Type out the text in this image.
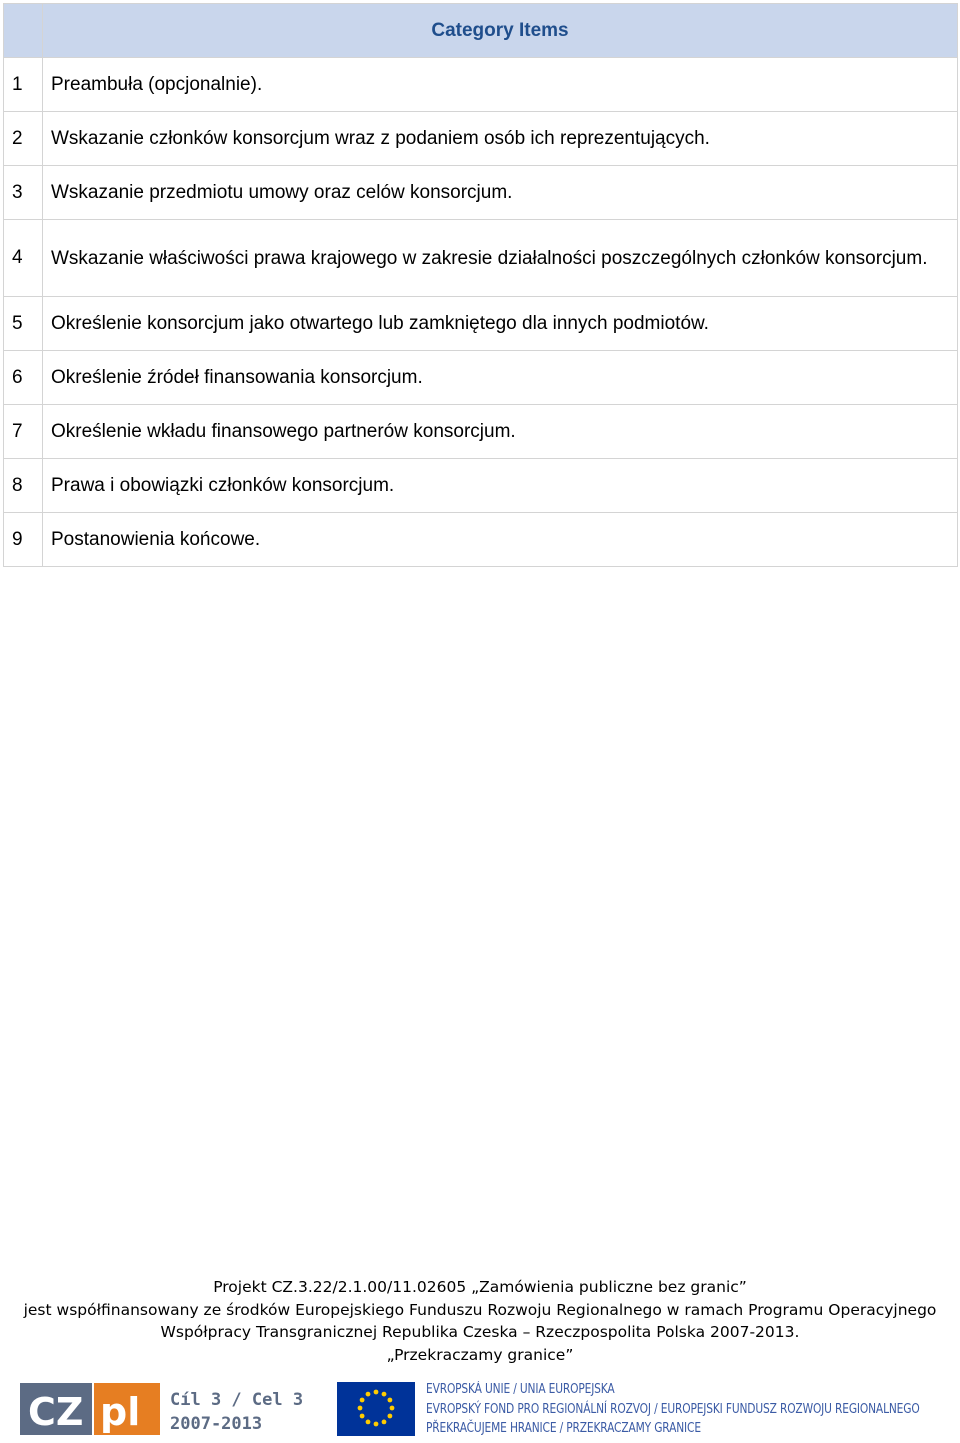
	Category Items
1	Preambuła (opcjonalnie).
2	Wskazanie członków konsorcjum wraz z podaniem osób ich reprezentujących.
3	Wskazanie przedmiotu umowy oraz celów konsorcjum.
4	Wskazanie właściwości prawa krajowego w zakresie działalności poszczególnych członków konsorcjum.
5	Określenie konsorcjum jako otwartego lub zamkniętego dla innych podmiotów.
6	Określenie źródeł finansowania konsorcjum.
7	Określenie wkładu finansowego partnerów konsorcjum.
8	Prawa i obowiązki członków konsorcjum.
9	Postanowienia końcowe.
Projekt CZ.3.22/2.1.00/11.02605 „Zamówienia publiczne bez granic”
jest współfinansowany ze środków Europejskiego Funduszu Rozwoju Regionalnego w ramach Programu Operacyjnego
Współpracy Transgranicznej Republika Czeska – Rzeczpospolita Polska 2007-2013.
„Przekraczamy granice”
CZ pl Cíl 3 / Cel 3
2007-2013
EVROPSKÁ UNIE / UNIA EUROPEJSKA
EVROPSKÝ FOND PRO REGIONÁLNÍ ROZVOJ / EUROPEJSKI FUNDUSZ ROZWOJU REGIONALNEGO
PŘEKRAČUJEME HRANICE / PRZEKRACZAMY GRANICE
